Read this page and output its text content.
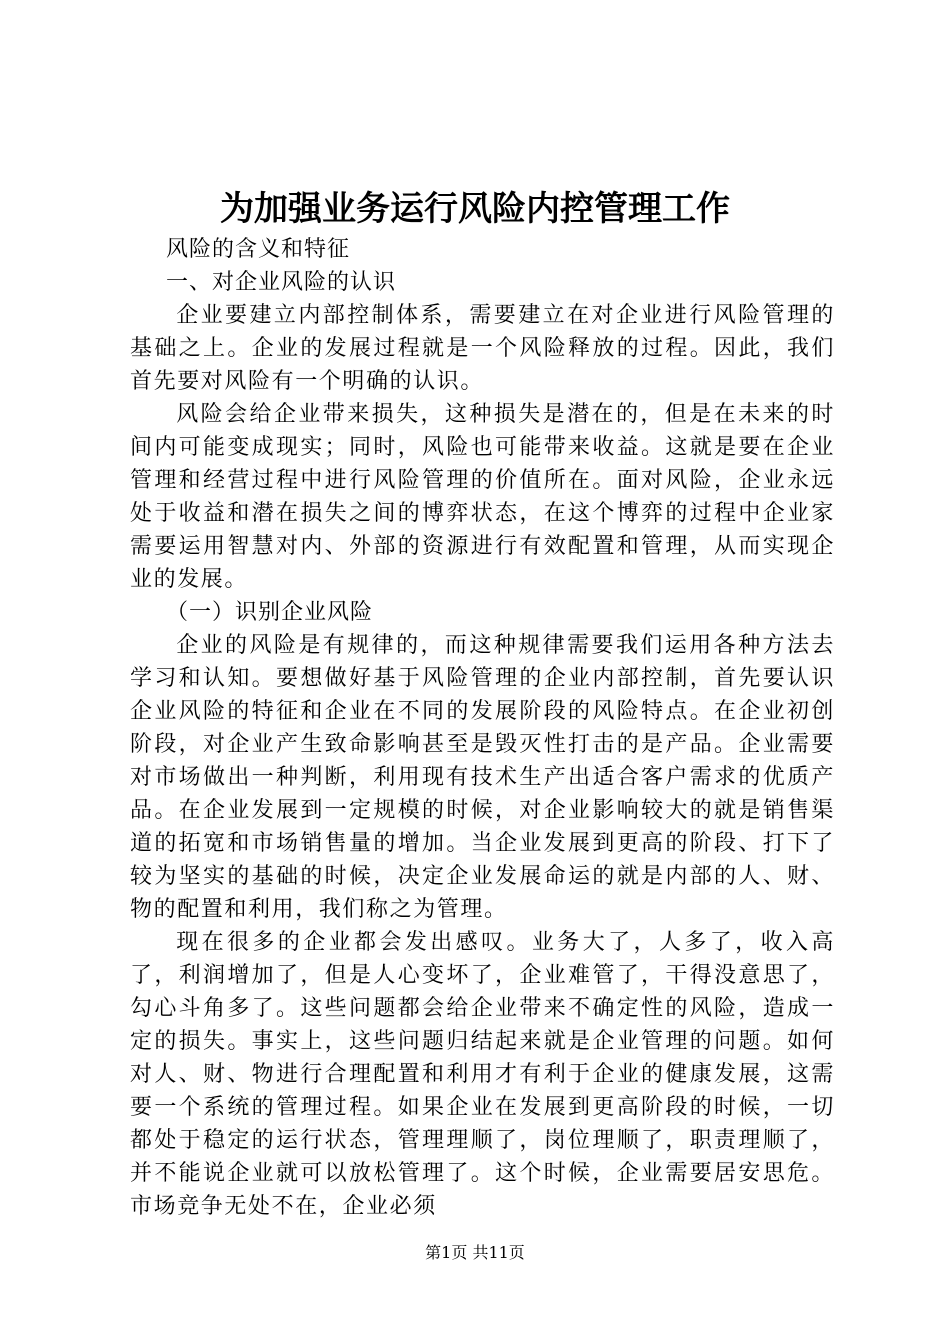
为加强业务运行风险内控管理工作

风险的含义和特征

一、对企业风险的认识

企业要建立内部控制体系，需要建立在对企业进行风险管理的基础之上。企业的发展过程就是一个风险释放的过程。因此，我们首先要对风险有一个明确的认识。

风险会给企业带来损失，这种损失是潜在的，但是在未来的时间内可能变成现实；同时，风险也可能带来收益。这就是要在企业管理和经营过程中进行风险管理的价值所在。面对风险，企业永远处于收益和潜在损失之间的博弈状态，在这个博弈的过程中企业家需要运用智慧对内、外部的资源进行有效配置和管理，从而实现企业的发展。

（一）识别企业风险

企业的风险是有规律的，而这种规律需要我们运用各种方法去学习和认知。要想做好基于风险管理的企业内部控制，首先要认识企业风险的特征和企业在不同的发展阶段的风险特点。在企业初创阶段，对企业产生致命影响甚至是毁灭性打击的是产品。企业需要对市场做出一种判断，利用现有技术生产出适合客户需求的优质产品。在企业发展到一定规模的时候，对企业影响较大的就是销售渠道的拓宽和市场销售量的增加。当企业发展到更高的阶段、打下了较为坚实的基础的时候，决定企业发展命运的就是内部的人、财、物的配置和利用，我们称之为管理。

现在很多的企业都会发出感叹。业务大了，人多了，收入高了，利润增加了，但是人心变坏了，企业难管了，干得没意思了，勾心斗角多了。这些问题都会给企业带来不确定性的风险，造成一定的损失。事实上，这些问题归结起来就是企业管理的问题。如何对人、财、物进行合理配置和利用才有利于企业的健康发展，这需要一个系统的管理过程。如果企业在发展到更高阶段的时候，一切都处于稳定的运行状态，管理理顺了，岗位理顺了，职责理顺了，并不能说企业就可以放松管理了。这个时候，企业需要居安思危。市场竞争无处不在，企业必须

第1页 共11页
